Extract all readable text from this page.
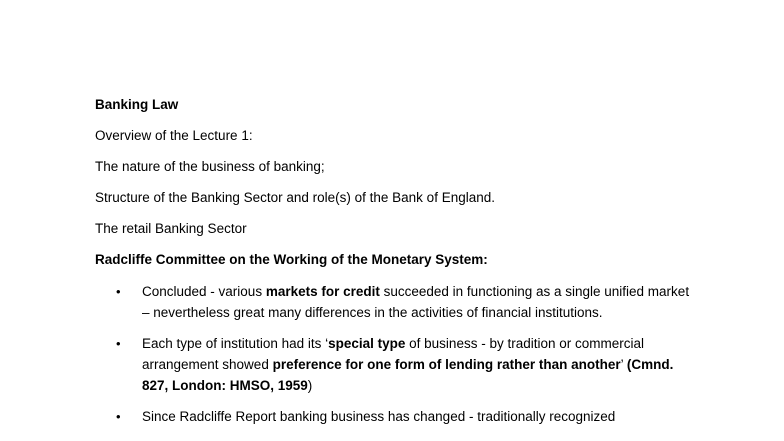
Banking Law
Overview of the Lecture 1:
The nature of the business of banking;
Structure of the Banking Sector and role(s) of the Bank of England.
The retail Banking Sector
Radcliffe Committee on the Working of the Monetary System:
• Concluded - various markets for credit succeeded in functioning as a single unified market – nevertheless great many differences in the activities of financial institutions.
• Each type of institution had its ‘special type of business - by tradition or commercial arrangement showed preference for one form of lending rather than another’ (Cmnd. 827, London: HMSO, 1959)
• Since Radcliffe Report banking business has changed - traditionally recognized
